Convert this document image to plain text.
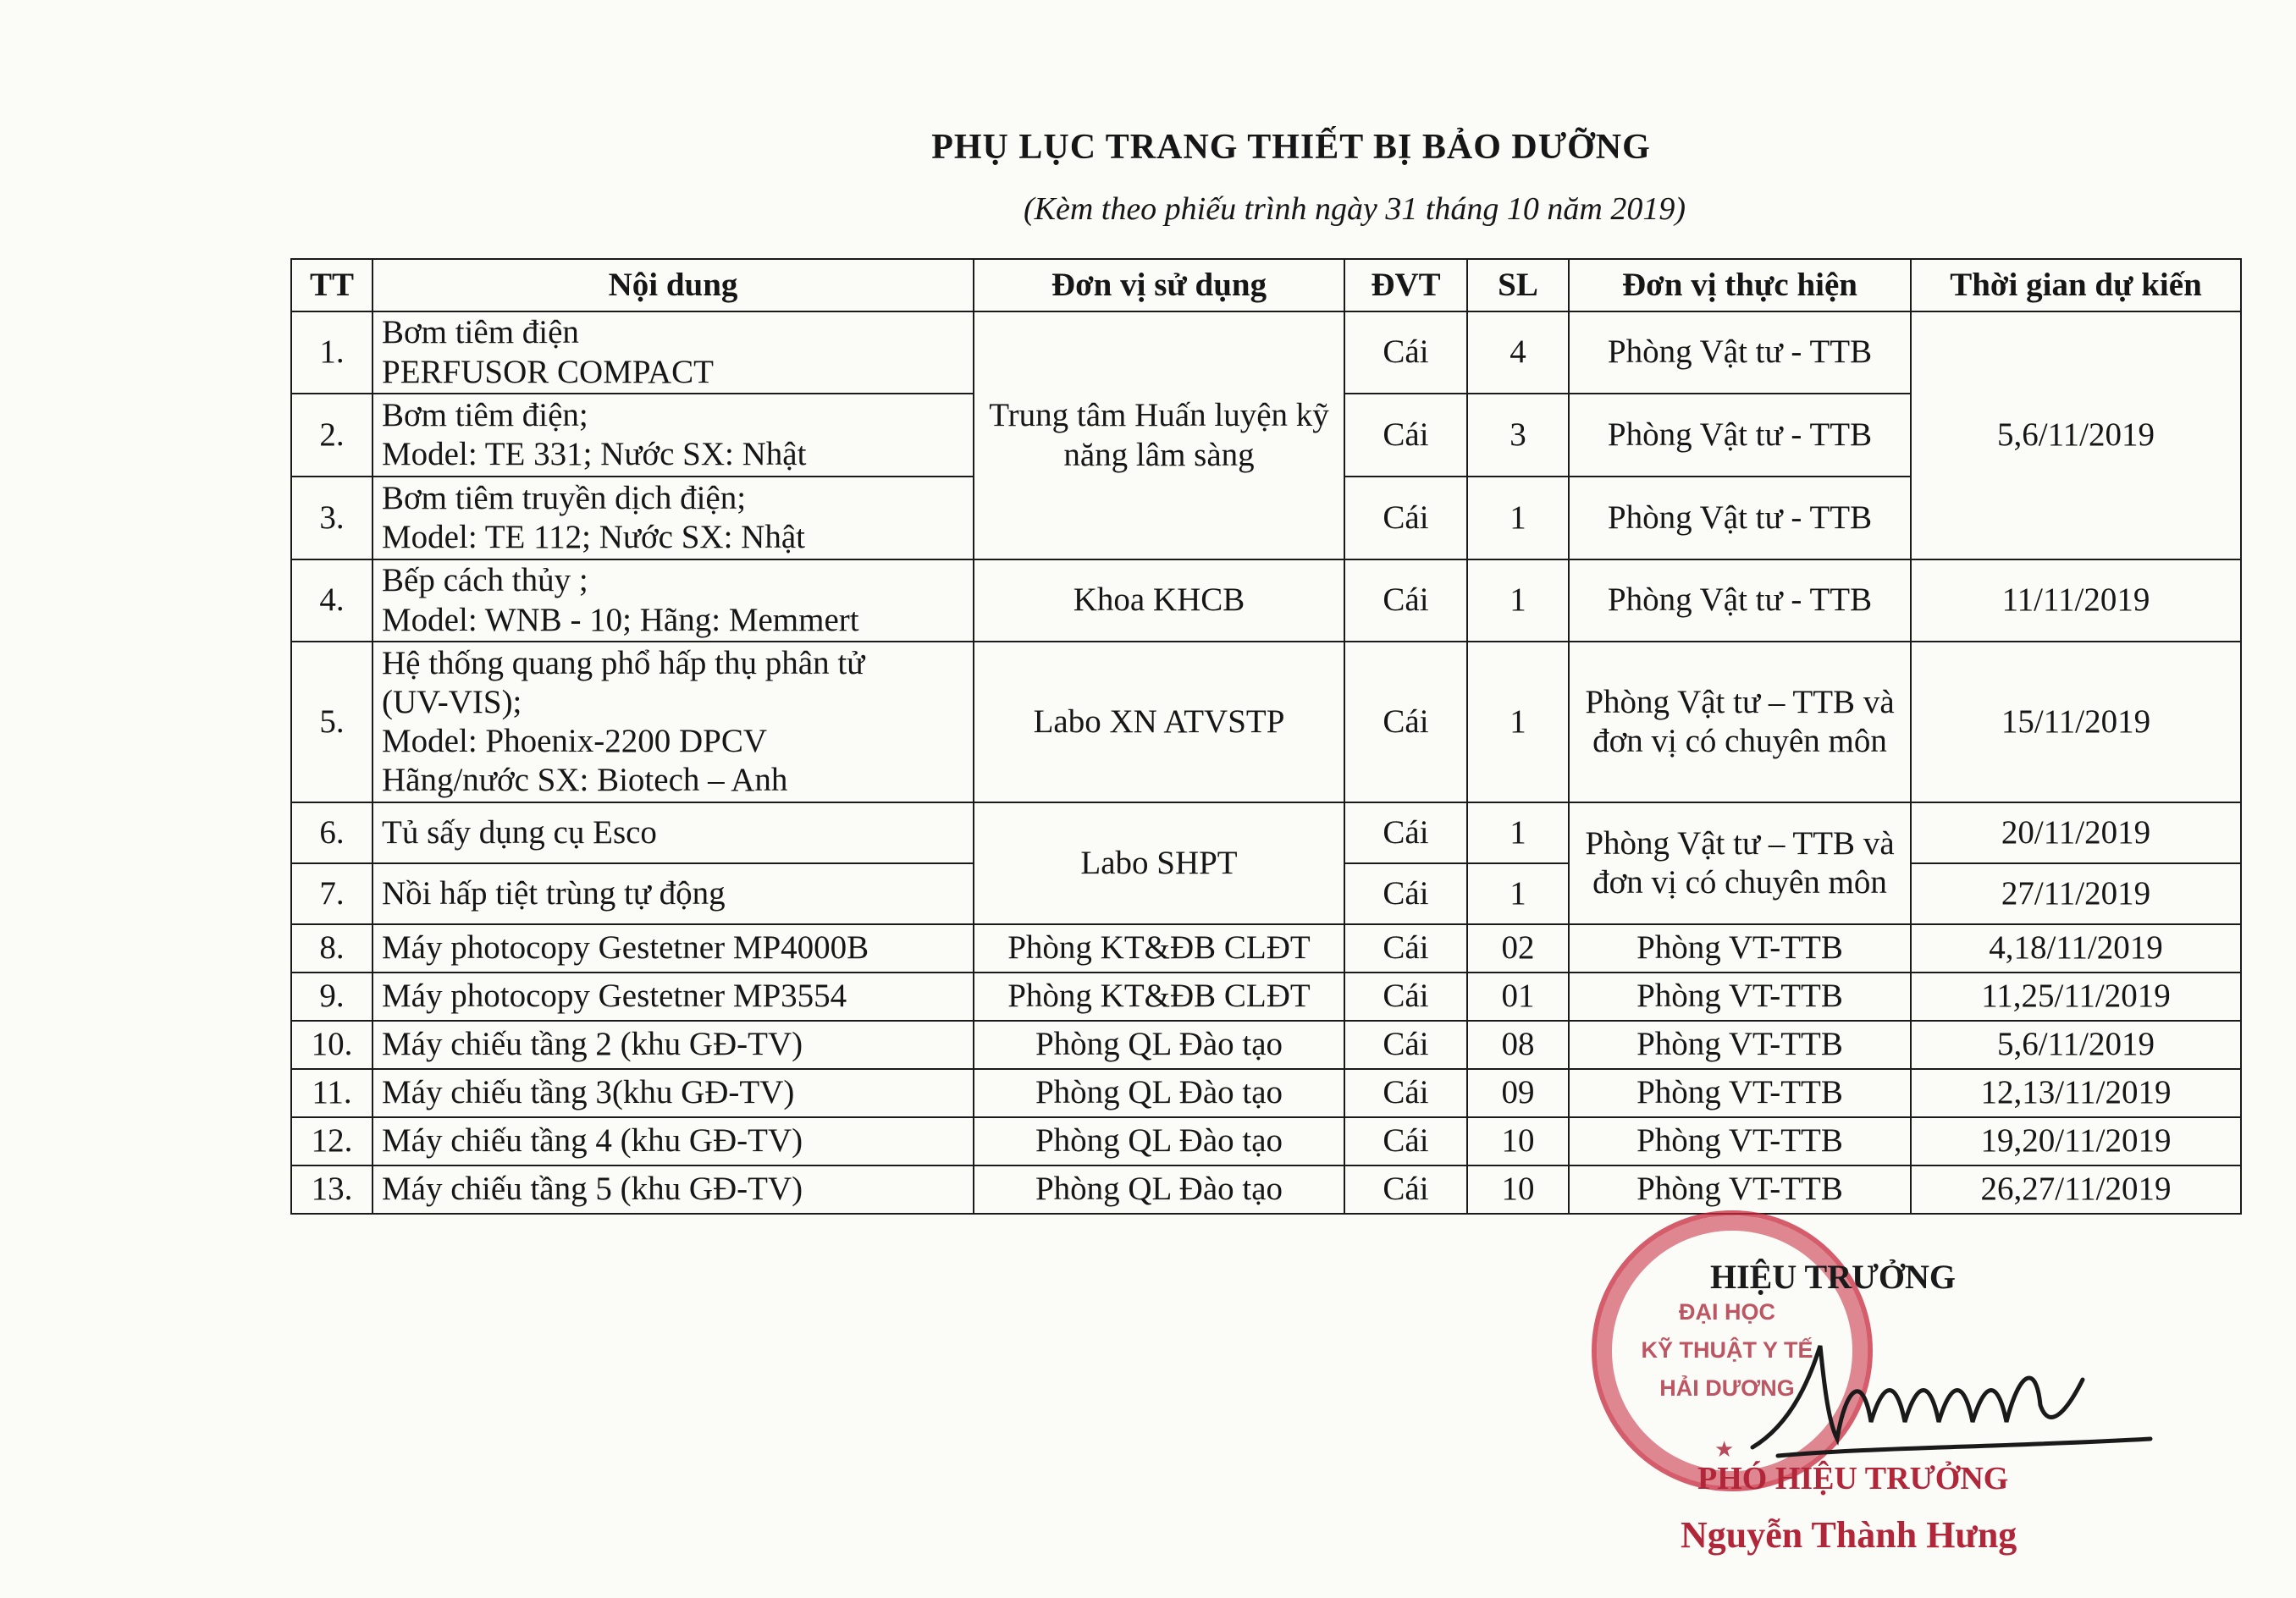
PHỤ LỤC TRANG THIẾT BỊ BẢO DƯỠNG
(Kèm theo phiếu trình ngày 31 tháng 10 năm 2019)
TT	Nội dung	Đơn vị sử dụng	ĐVT	SL	Đơn vị thực hiện	Thời gian dự kiến
1.	Bơm tiêm điện
PERFUSOR COMPACT	Trung tâm Huấn luyện kỹ năng lâm sàng	Cái	4	Phòng Vật tư - TTB	5,6/11/2019
2.	Bơm tiêm điện;
Model: TE 331; Nước SX: Nhật		Cái	3	Phòng Vật tư - TTB	
3.	Bơm tiêm truyền dịch điện;
Model: TE 112; Nước SX: Nhật		Cái	1	Phòng Vật tư - TTB	
4.	Bếp cách thủy ;
Model: WNB - 10; Hãng: Memmert	Khoa KHCB	Cái	1	Phòng Vật tư - TTB	11/11/2019
5.	Hệ thống quang phổ hấp thụ phân tử
(UV-VIS);
Model: Phoenix-2200 DPCV
Hãng/nước SX: Biotech – Anh	Labo XN ATVSTP	Cái	1	Phòng Vật tư – TTB và đơn vị có chuyên môn	15/11/2019
6.	Tủ sấy dụng cụ Esco	Labo SHPT	Cái	1	Phòng Vật tư – TTB và đơn vị có chuyên môn	20/11/2019
7.	Nồi hấp tiệt trùng tự động		Cái	1		27/11/2019
8.	Máy photocopy Gestetner MP4000B	Phòng KT&ĐB CLĐT	Cái	02	Phòng VT-TTB	4,18/11/2019
9.	Máy photocopy Gestetner MP3554	Phòng KT&ĐB CLĐT	Cái	01	Phòng VT-TTB	11,25/11/2019
10.	Máy chiếu tầng 2 (khu GĐ-TV)	Phòng QL Đào tạo	Cái	08	Phòng VT-TTB	5,6/11/2019
11.	Máy chiếu tầng 3(khu GĐ-TV)	Phòng QL Đào tạo	Cái	09	Phòng VT-TTB	12,13/11/2019
12.	Máy chiếu tầng 4 (khu GĐ-TV)	Phòng QL Đào tạo	Cái	10	Phòng VT-TTB	19,20/11/2019
13.	Máy chiếu tầng 5 (khu GĐ-TV)	Phòng QL Đào tạo	Cái	10	Phòng VT-TTB	26,27/11/2019
ĐẠI HỌC
KỸ THUẬT Y TẾ
HẢI DƯƠNG
★
HIỆU TRƯỞNG
PHÓ HIỆU TRƯỞNG
Nguyễn Thành Hưng
